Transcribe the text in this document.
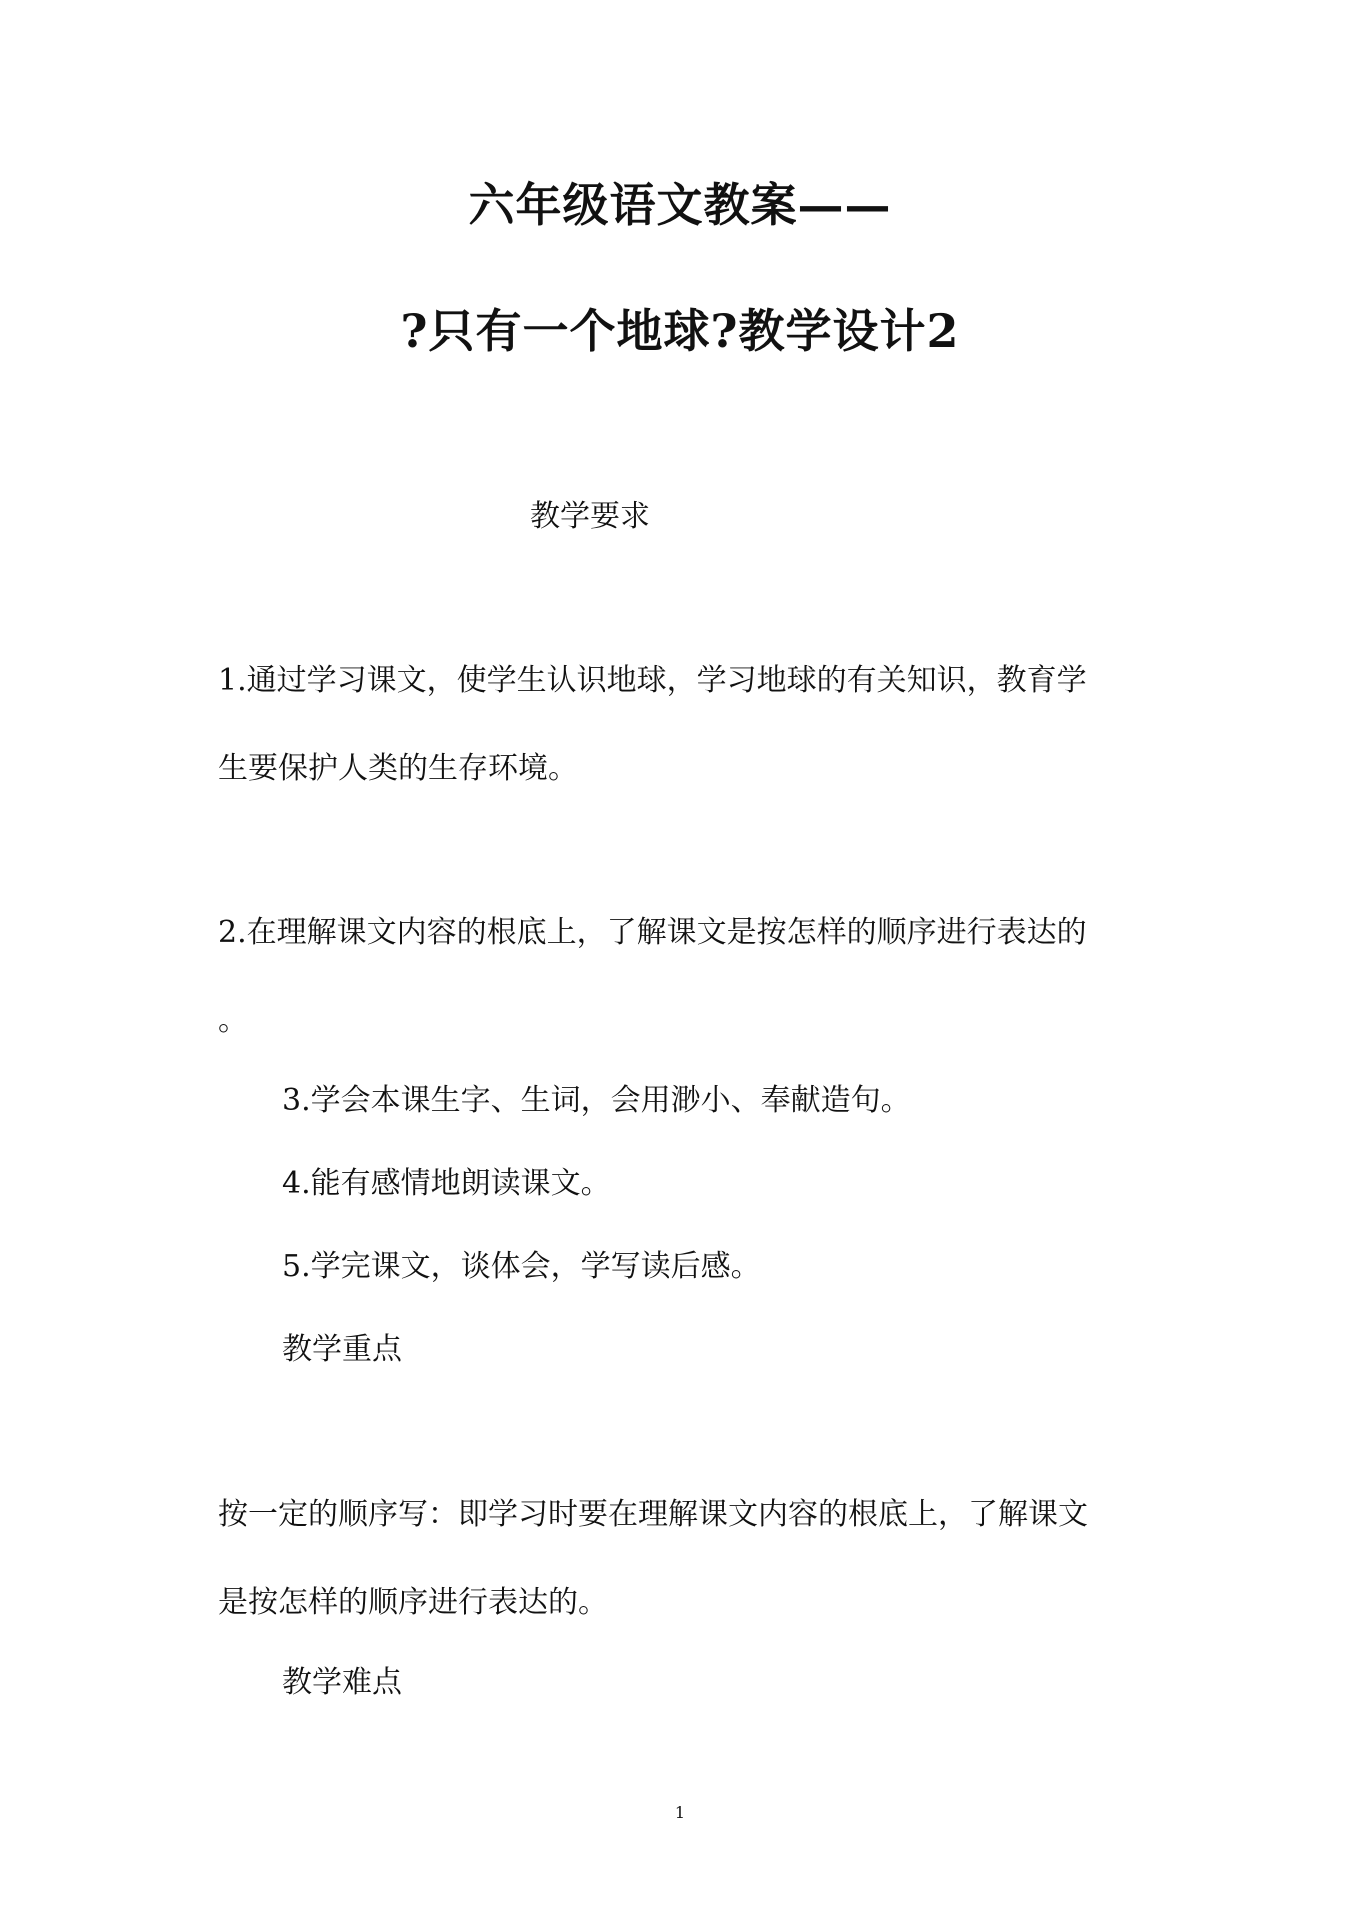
六年级语文教案——
?只有一个地球?教学设计2
教学要求
1.通过学习课文，使学生认识地球，学习地球的有关知识，教育学
生要保护人类的生存环境。
2.在理解课文内容的根底上，了解课文是按怎样的顺序进行表达的
。
3.学会本课生字、生词，会用渺小、奉献造句。
4.能有感情地朗读课文。
5.学完课文，谈体会，学写读后感。
教学重点
按一定的顺序写：即学习时要在理解课文内容的根底上，了解课文
是按怎样的顺序进行表达的。
教学难点
1
